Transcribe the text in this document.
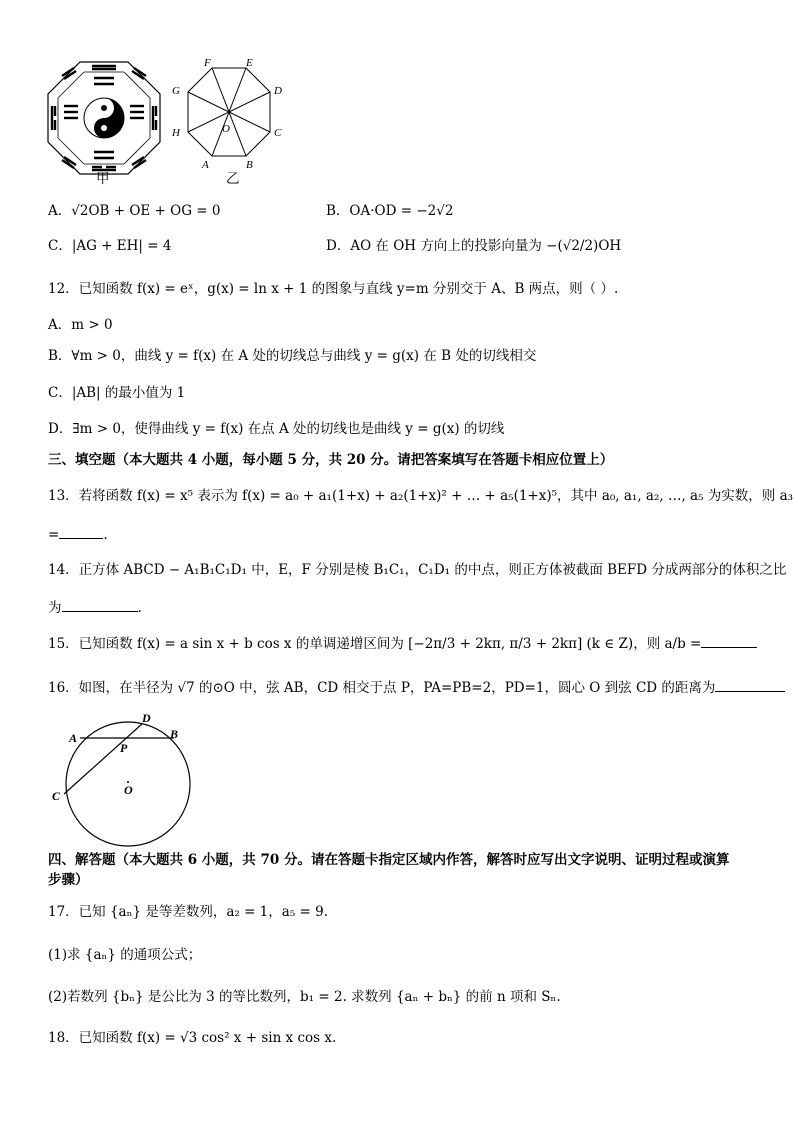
甲
F	E
G	D
H	C
A	B
O
乙
A．√2OB + OE + OG = 0	B．OA·OD = −2√2
C．|AG + EH| = 4	D．AO 在 OH 方向上的投影向量为 −(√2/2)OH
12．已知函数 f(x) = eˣ，g(x) = ln x + 1 的图象与直线 y=m 分别交于 A、B 两点，则（ ）.
A．m > 0
B．∀m > 0，曲线 y = f(x) 在 A 处的切线总与曲线 y = g(x) 在 B 处的切线相交
C．|AB| 的最小值为 1
D．∃m > 0，使得曲线 y = f(x) 在点 A 处的切线也是曲线 y = g(x) 的切线
三、填空题（本大题共 4 小题，每小题 5 分，共 20 分。请把答案填写在答题卡相应位置上）
13．若将函数 f(x) = x⁵ 表示为 f(x) = a₀ + a₁(1+x) + a₂(1+x)² + … + a₅(1+x)⁵，其中 a₀, a₁, a₂, …, a₅ 为实数，则 a₃
=	.
14．正方体 ABCD − A₁B₁C₁D₁ 中，E，F 分别是棱 B₁C₁，C₁D₁ 的中点，则正方体被截面 BEFD 分成两部分的体积之比
为	.
15．已知函数 f(x) = a sin x + b cos x 的单调递增区间为 [−2π/3 + 2kπ, π/3 + 2kπ] (k ∈ Z)，则 a/b =
16．如图，在半径为 √7 的⊙O 中，弦 AB，CD 相交于点 P，PA=PB=2，PD=1，圆心 O 到弦 CD 的距离为
A	B
C
D
P
O
四、解答题（本大题共 6 小题，共 70 分。请在答题卡指定区域内作答，解答时应写出文字说明、证明过程或演算
步骤）
17．已知 {aₙ} 是等差数列，a₂ = 1，a₅ = 9.
(1)求 {aₙ} 的通项公式；
(2)若数列 {bₙ} 是公比为 3 的等比数列，b₁ = 2. 求数列 {aₙ + bₙ} 的前 n 项和 Sₙ.
18．已知函数 f(x) = √3 cos² x + sin x cos x.
